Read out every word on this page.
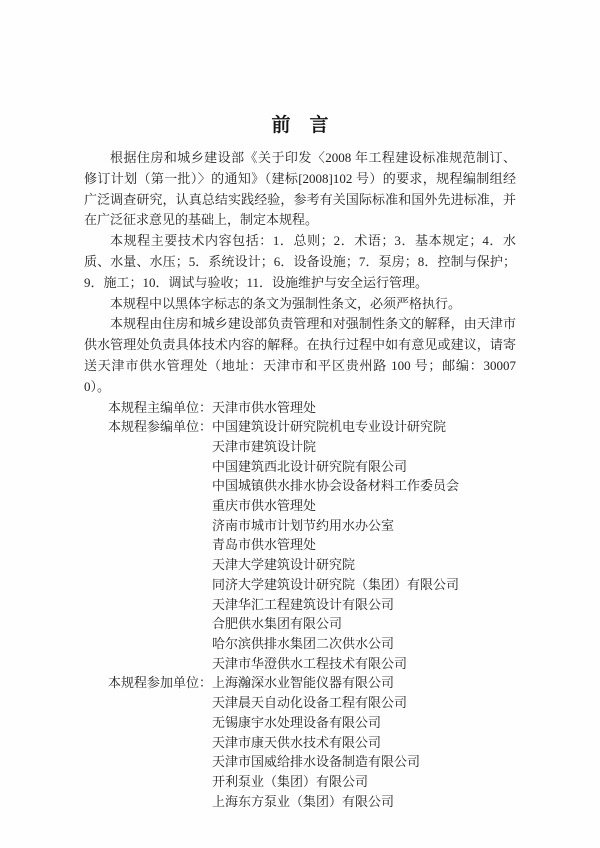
前　言

根据住房和城乡建设部《关于印发〈2008 年工程建设标准规范制订、修订计划（第一批）〉的通知》（建标[2008]102 号）的要求，规程编制组经广泛调查研究，认真总结实践经验，参考有关国际标准和国外先进标准，并在广泛征求意见的基础上，制定本规程。

本规程主要技术内容包括：1．总则；2．术语；3．基本规定；4．水质、水量、水压；5．系统设计；6．设备设施；7．泵房；8．控制与保护；9．施工；10．调试与验收；11．设施维护与安全运行管理。

本规程中以黑体字标志的条文为强制性条文，必须严格执行。

本规程由住房和城乡建设部负责管理和对强制性条文的解释，由天津市供水管理处负责具体技术内容的解释。在执行过程中如有意见或建议，请寄送天津市供水管理处（地址：天津市和平区贵州路 100 号；邮编：300070）。

本规程主编单位： 天津市供水管理处
本规程参编单位： 中国建筑设计研究院机电专业设计研究院
天津市建筑设计院
中国建筑西北设计研究院有限公司
中国城镇供水排水协会设备材料工作委员会
重庆市供水管理处
济南市城市计划节约用水办公室
青岛市供水管理处
天津大学建筑设计研究院
同济大学建筑设计研究院（集团）有限公司
天津华汇工程建筑设计有限公司
合肥供水集团有限公司
哈尔滨供排水集团二次供水公司
天津市华澄供水工程技术有限公司
本规程参加单位： 上海瀚深水业智能仪器有限公司
天津晨天自动化设备工程有限公司
无锡康宇水处理设备有限公司
天津市康天供水技术有限公司
天津市国威给排水设备制造有限公司
开利泵业（集团）有限公司
上海东方泵业（集团）有限公司
